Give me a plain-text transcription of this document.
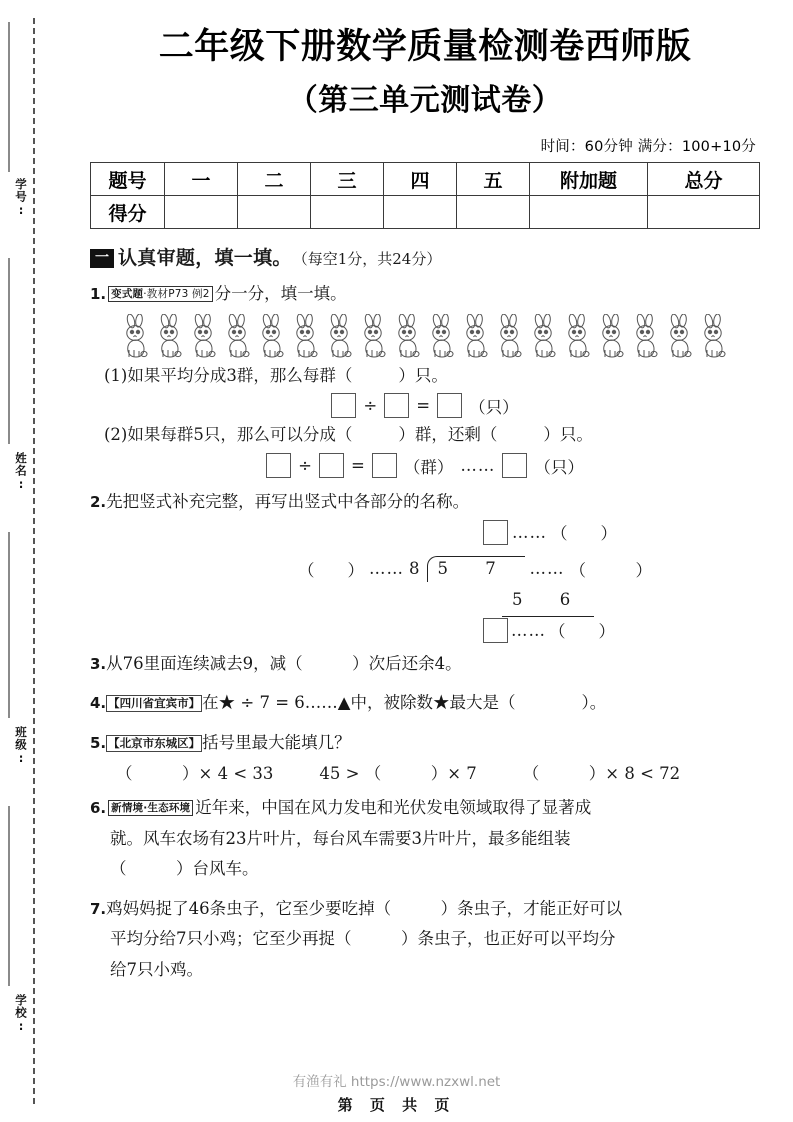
学号:
姓名:
班级:
学校:
二年级下册数学质量检测卷西师版
（第三单元测试卷）
时间：60分钟 满分：100+10分
题号	一	二	三	四	五	附加题	总分
得分							
一 认真审题，填一填。 （每空1分，共24分）
1. 变式题·教材P73 例2 分一分，填一填。
(1)如果平均分成3群，那么每群（	）只。
÷ = （只）
(2)如果每群5只，那么可以分成（	）群，还剩（	）只。
÷ = （群） …… （只）
2.先把竖式补充完整，再写出竖式中各部分的名称。
…… （　　）
（　　） …… 8 5 7 …… （　　　）
5 6
…… （　　）
3.从76里面连续减去9，减（　　　）次后还余4。
4. 【四川省宜宾市】 在★ ÷ 7 = 6……▲中，被除数★最大是（　　　　）。
5. 【北京市东城区】 括号里最大能填几？
（　　　）× 4 < 33	45 > （　　　）× 7	（　　　）× 8 < 72
6. 新情境·生态环境 近年来，中国在风力发电和光伏发电领域取得了显著成
就。风车农场有23片叶片，每台风车需要3片叶片，最多能组装
（　　　）台风车。
7.鸡妈妈捉了46条虫子，它至少要吃掉（　　　）条虫子，才能正好可以
平均分给7只小鸡；它至少再捉（　　　）条虫子，也正好可以平均分
给7只小鸡。
有渔有礼 https://www.nzxwl.net
第 页 共 页
